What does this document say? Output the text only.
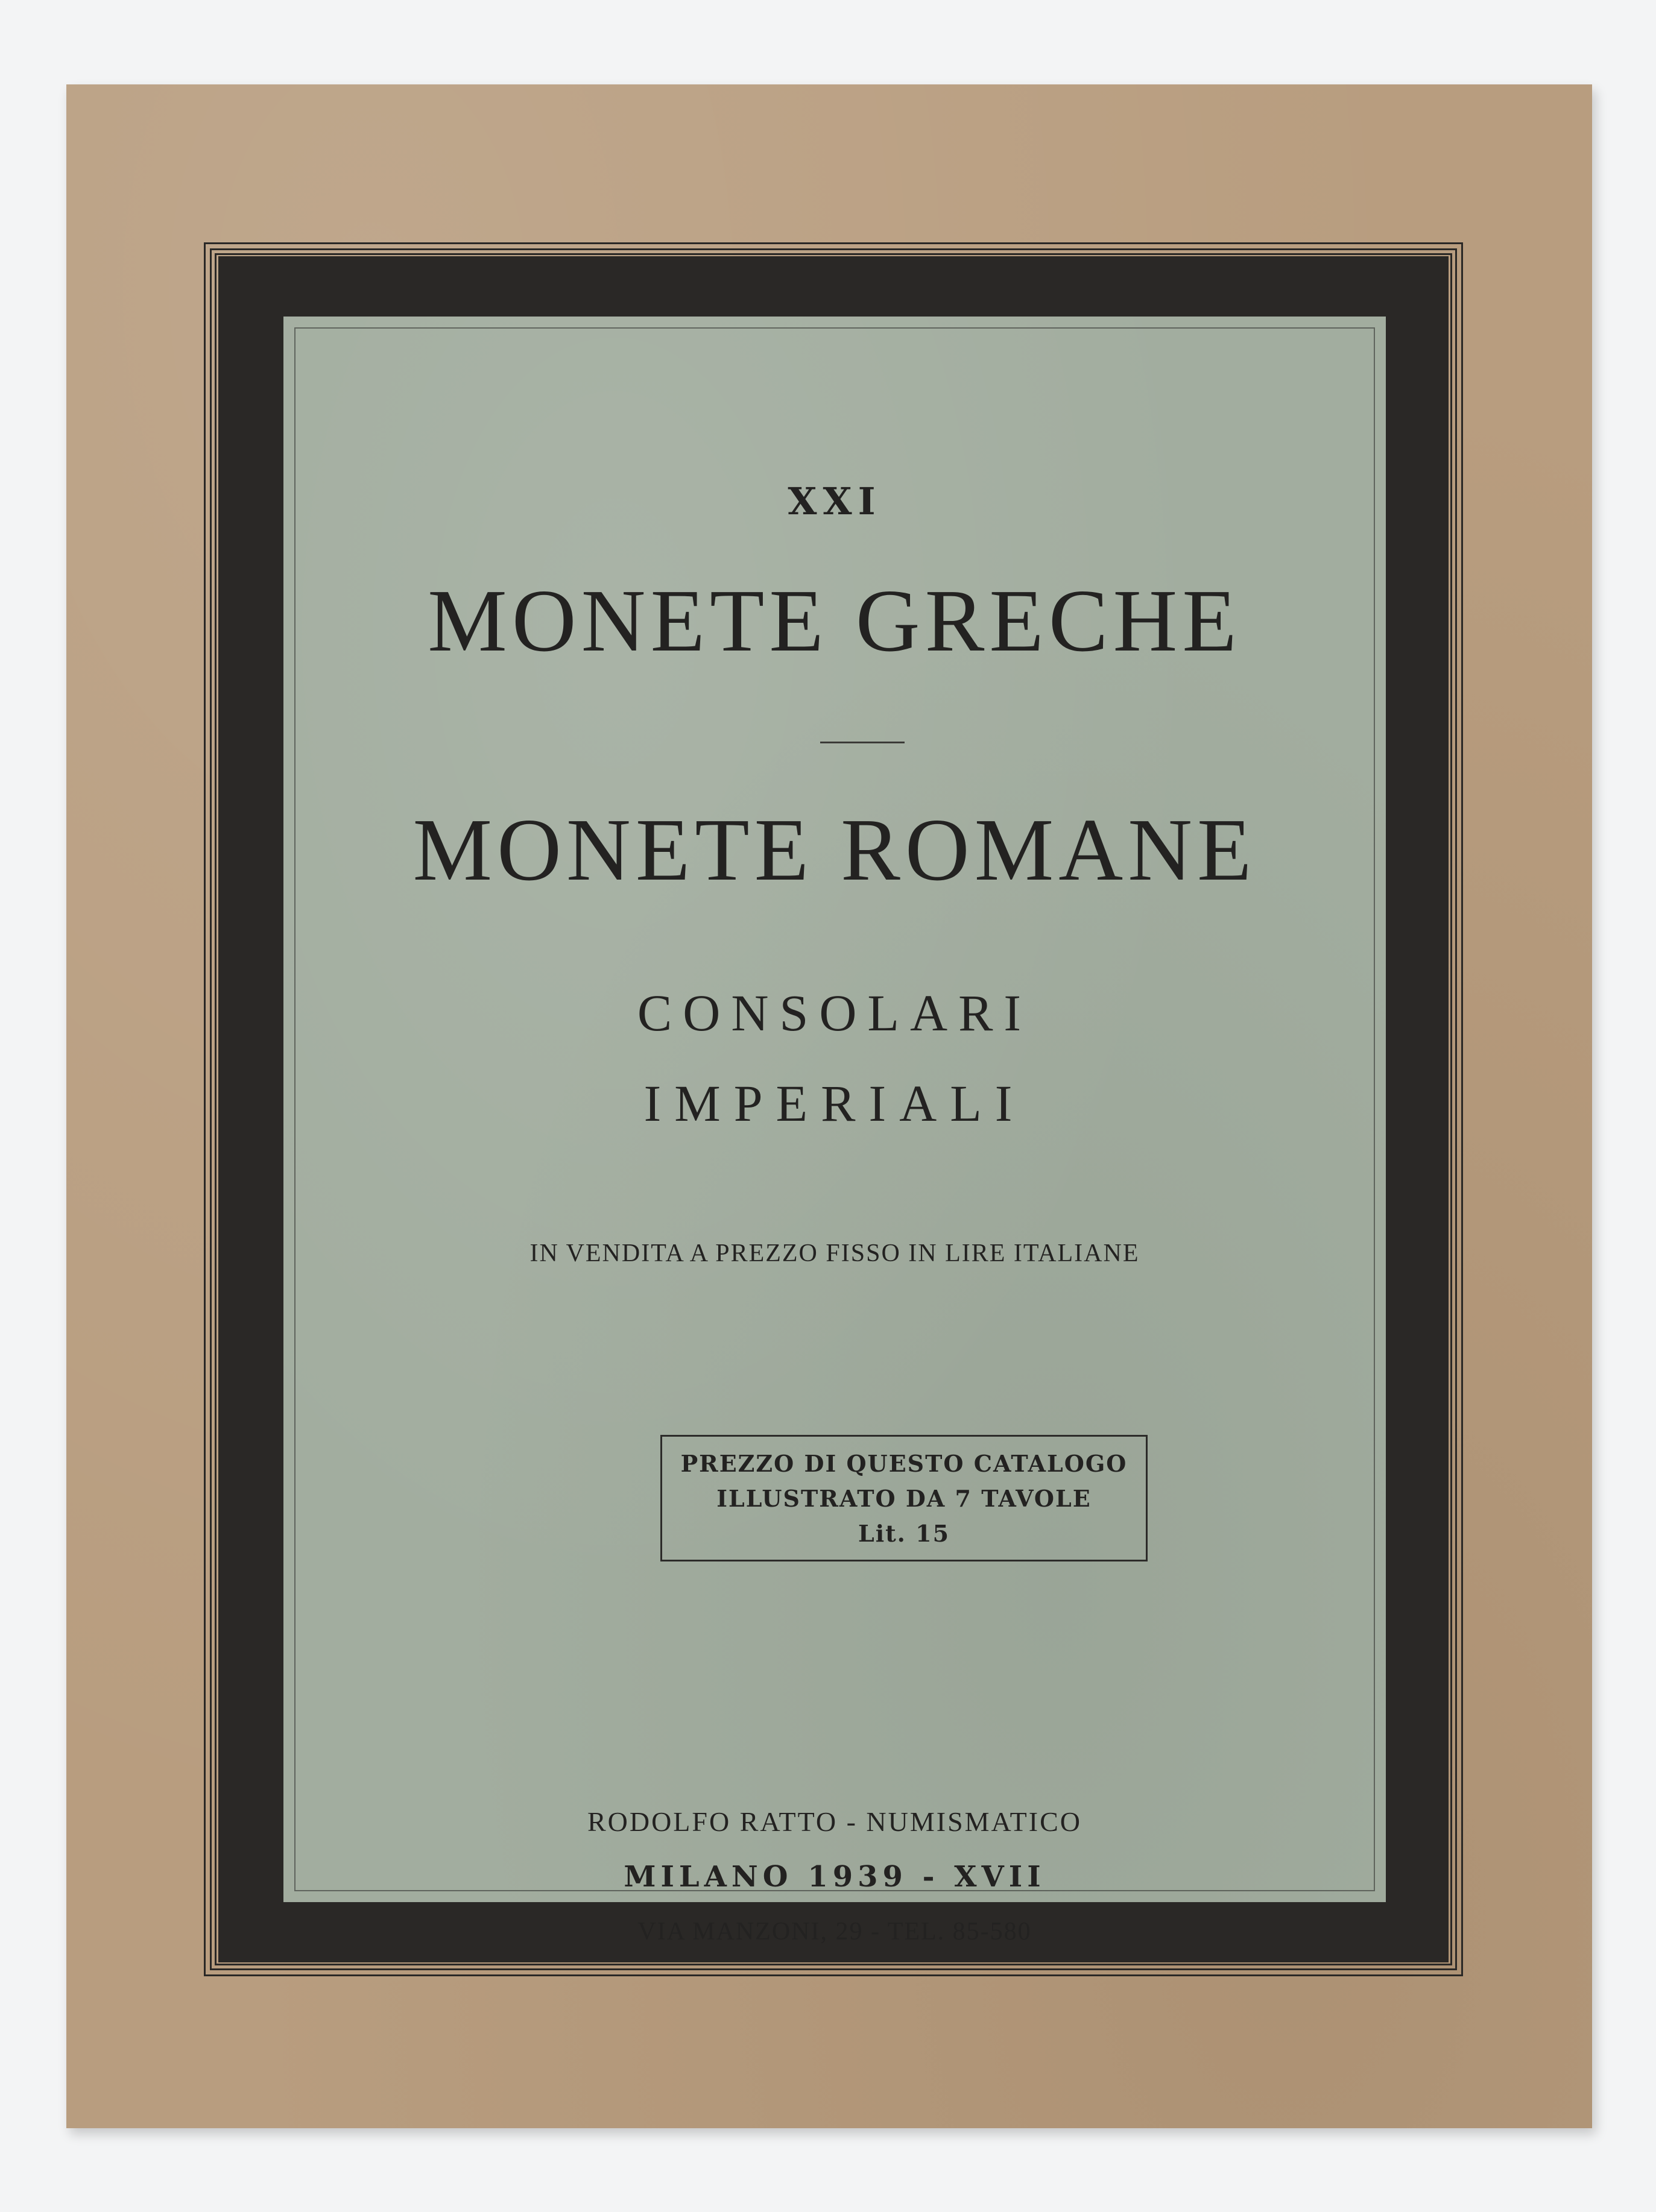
XXI
MONETE GRECHE
MONETE ROMANE
CONSOLARI
IMPERIALI
IN VENDITA A PREZZO FISSO IN LIRE ITALIANE
PREZZO DI QUESTO CATALOGO
ILLUSTRATO DA 7 TAVOLE
Lit. 15
RODOLFO RATTO - NUMISMATICO
MILANO 1939 - XVII
VIA MANZONI, 29 - TEL. 85-580
